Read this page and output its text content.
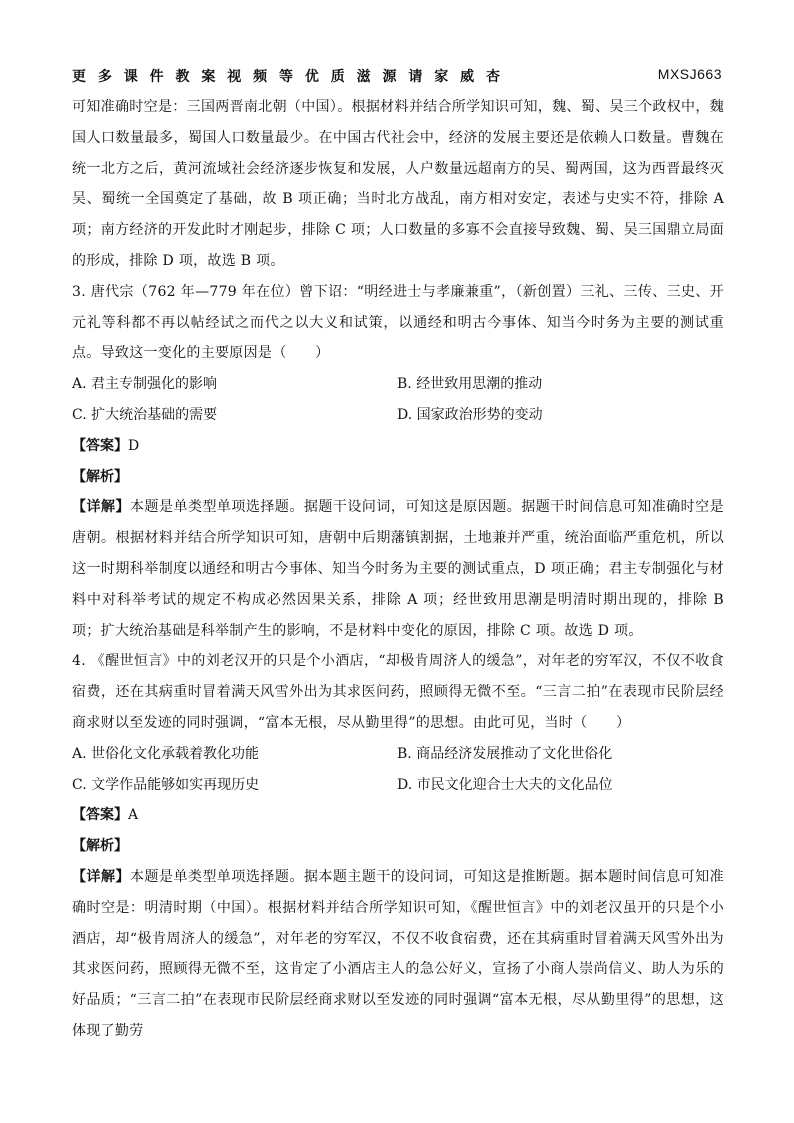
更 多 课 件 教 案 视 频 等 优 质 滋 源 请 家 威 杏	MXSJ663

可知准确时空是：三国两晋南北朝（中国）。根据材料并结合所学知识可知，魏、蜀、吴三个政权中，魏国人口数量最多，蜀国人口数量最少。在中国古代社会中，经济的发展主要还是依赖人口数量。曹魏在统一北方之后，黄河流域社会经济逐步恢复和发展，人户数量远超南方的吴、蜀两国，这为西晋最终灭吴、蜀统一全国奠定了基础，故 B 项正确；当时北方战乱，南方相对安定，表述与史实不符，排除 A 项；南方经济的开发此时才刚起步，排除 C 项；人口数量的多寡不会直接导致魏、蜀、吴三国鼎立局面的形成，排除 D 项，故选 B 项。

3. 唐代宗（762 年—779 年在位）曾下诏：“明经进士与孝廉兼重”，（新创置）三礼、三传、三史、开元礼等科都不再以帖经试之而代之以大义和试策，以通经和明古今事体、知当今时务为主要的测试重点。导致这一变化的主要原因是（　　）

A. 君主专制强化的影响	B. 经世致用思潮的推动
C. 扩大统治基础的需要	D. 国家政治形势的变动

【答案】D

【解析】

【详解】本题是单类型单项选择题。据题干设问词，可知这是原因题。据题干时间信息可知准确时空是唐朝。根据材料并结合所学知识可知，唐朝中后期藩镇割据，土地兼并严重，统治面临严重危机，所以这一时期科举制度以通经和明古今事体、知当今时务为主要的测试重点，D 项正确；君主专制强化与材料中对科举考试的规定不构成必然因果关系，排除 A 项；经世致用思潮是明清时期出现的，排除 B 项；扩大统治基础是科举制产生的影响，不是材料中变化的原因，排除 C 项。故选 D 项。

4. 《醒世恒言》中的刘老汉开的只是个小酒店，“却极肯周济人的缓急”，对年老的穷军汉，不仅不收食宿费，还在其病重时冒着满天风雪外出为其求医问药，照顾得无微不至。“三言二拍”在表现市民阶层经商求财以至发迹的同时强调，“富本无根，尽从勤里得”的思想。由此可见，当时（　　）

A. 世俗化文化承载着教化功能	B. 商品经济发展推动了文化世俗化
C. 文学作品能够如实再现历史	D. 市民文化迎合士大夫的文化品位

【答案】A

【解析】

【详解】本题是单类型单项选择题。据本题主题干的设问词，可知这是推断题。据本题时间信息可知准确时空是：明清时期（中国）。根据材料并结合所学知识可知，《醒世恒言》中的刘老汉虽开的只是个小酒店，却“极肯周济人的缓急”，对年老的穷军汉，不仅不收食宿费，还在其病重时冒着满天风雪外出为其求医问药，照顾得无微不至，这肯定了小酒店主人的急公好义，宣扬了小商人崇尚信义、助人为乐的好品质；“三言二拍”在表现市民阶层经商求财以至发迹的同时强调“富本无根，尽从勤里得”的思想，这体现了勤劳
